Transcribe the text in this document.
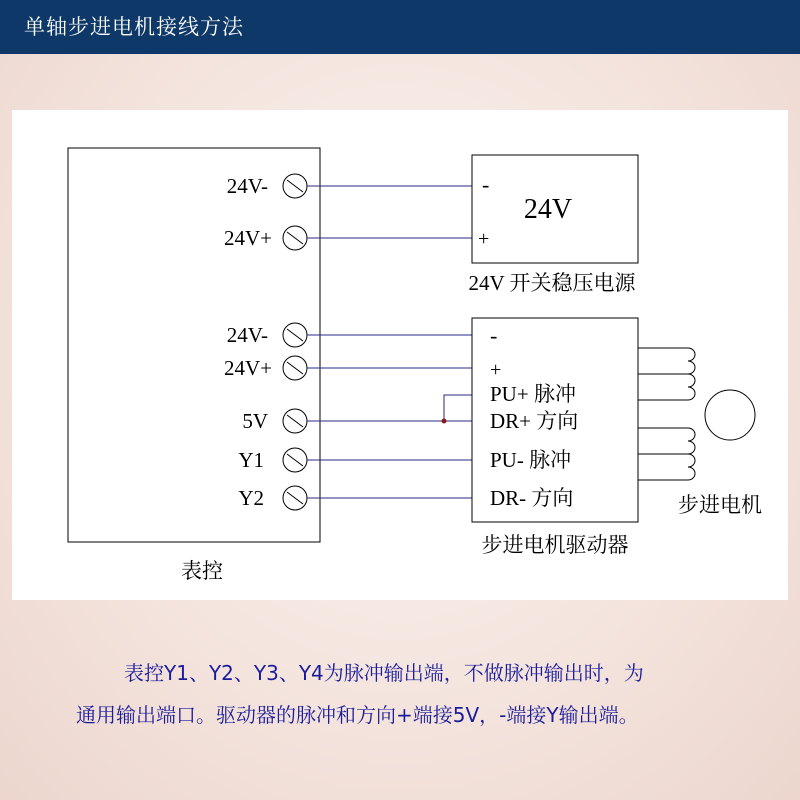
单轴步进电机接线方法
24V-
24V+
24V-
24V+
5V
Y1
Y2
-
+
24V
24V 开关稳压电源
-
+
PU+ 脉冲
DR+ 方向
PU- 脉冲
DR- 方向
步进电机驱动器
步进电机
表控
表控Y1、Y2、Y3、Y4为脉冲输出端，不做脉冲输出时，为
通用输出端口。驱动器的脉冲和方向+端接5V，-端接Y输出端。
